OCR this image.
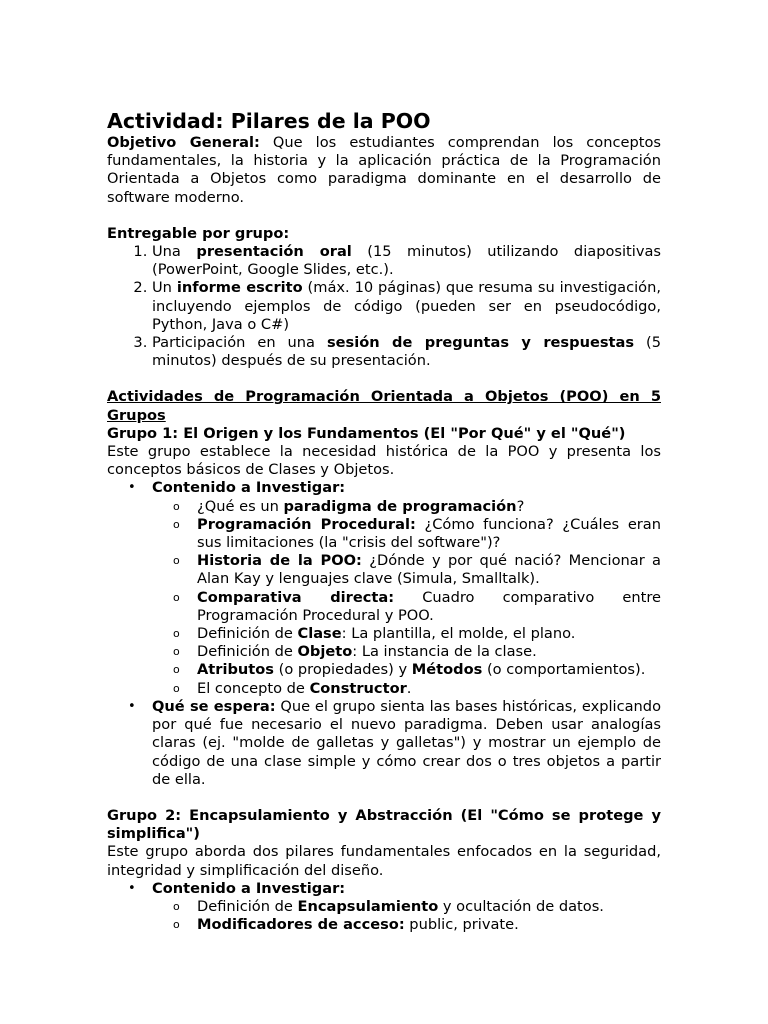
Actividad: Pilares de la POO

Objetivo General: Que los estudiantes comprendan los conceptos fundamentales, la historia y la aplicación práctica de la Programación Orientada a Objetos como paradigma dominante en el desarrollo de software moderno.

Entregable por grupo:

1. Una presentación oral (15 minutos) utilizando diapositivas (PowerPoint, Google Slides, etc.).
2. Un informe escrito (máx. 10 páginas) que resuma su investigación, incluyendo ejemplos de código (pueden ser en pseudocódigo, Python, Java o C#)
3. Participación en una sesión de preguntas y respuestas (5 minutos) después de su presentación.

Actividades de Programación Orientada a Objetos (POO) en 5 Grupos

Grupo 1: El Origen y los Fundamentos (El "Por Qué" y el "Qué")

Este grupo establece la necesidad histórica de la POO y presenta los conceptos básicos de Clases y Objetos.

• Contenido a Investigar:
o ¿Qué es un paradigma de programación?
o Programación Procedural: ¿Cómo funciona? ¿Cuáles eran sus limitaciones (la "crisis del software")?
o Historia de la POO: ¿Dónde y por qué nació? Mencionar a Alan Kay y lenguajes clave (Simula, Smalltalk).
o Comparativa directa: Cuadro comparativo entre Programación Procedural y POO.
o Definición de Clase: La plantilla, el molde, el plano.
o Definición de Objeto: La instancia de la clase.
o Atributos (o propiedades) y Métodos (o comportamientos).
o El concepto de Constructor.
• Qué se espera: Que el grupo sienta las bases históricas, explicando por qué fue necesario el nuevo paradigma. Deben usar analogías claras (ej. "molde de galletas y galletas") y mostrar un ejemplo de código de una clase simple y cómo crear dos o tres objetos a partir de ella.

Grupo 2: Encapsulamiento y Abstracción (El "Cómo se protege y simplifica")

Este grupo aborda dos pilares fundamentales enfocados en la seguridad, integridad y simplificación del diseño.

• Contenido a Investigar:
o Definición de Encapsulamiento y ocultación de datos.
o Modificadores de acceso: public, private.
